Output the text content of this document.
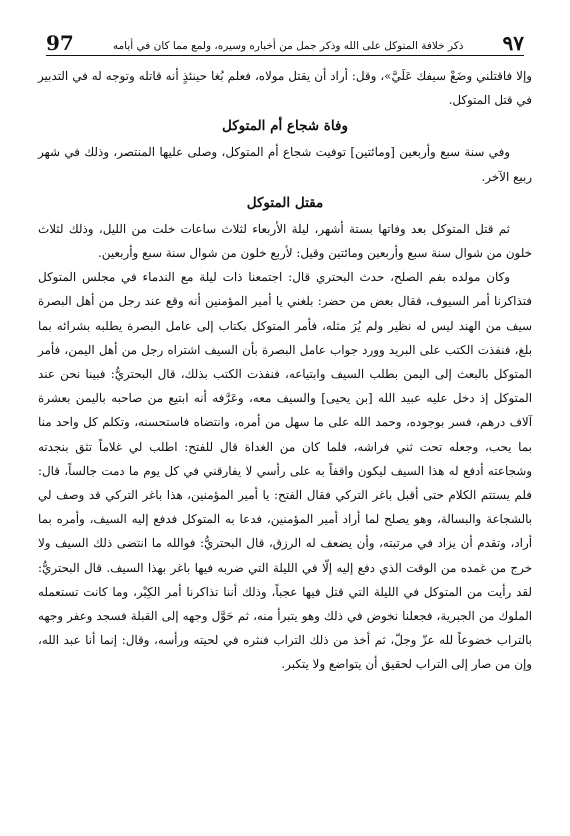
٩٧
ذكر خلافة المتوكل على الله وذكر جمل من أخباره وسيره، ولمع مما كان في أيامه
97

وإلا فاقتلني وضَعْ سيفك عَلَيَّ»، وقل: أراد أن يقتل مولاه، فعلم بُغا حينئذٍ أنه قاتله وتوجه له في التدبير في قتل المتوكل.

وفاة شجاع أم المتوكل

وفي سنة سبع وأربعين [ومائتين] توفيت شجاع أم المتوكل، وصلى عليها المنتصر، وذلك في شهر ربيع الآخر.

مقتل المتوكل

ثم قتل المتوكل بعد وفاتها بستة أشهر، ليلة الأربعاء لثلاث ساعات خلت من الليل، وذلك لثلاث خلون من شوال سنة سبع وأربعين ومائتين وقيل: لأربع خلون من شوال سنة سبع وأربعين.

وكان مولده بفم الصلح، حدث البحتري قال: اجتمعنا ذات ليلة مع الندماء في مجلس المتوكل فتذاكرنا أمر السيوف، فقال بعض من حضر: بلغني يا أمير المؤمنين أنه وقع عند رجل من أهل البصرة سيف من الهند ليس له نظير ولم يُرَ مثله، فأمر المتوكل بكتاب إلى عامل البصرة يطلبه بشرائه بما بلغ، فنفذت الكتب على البريد وورد جواب عامل البصرة بأن السيف اشتراه رجل من أهل اليمن، فأمر المتوكل بالبعث إلى اليمن بطلب السيف وابتياعه، فنفذت الكتب بذلك، قال البحتريُّ: فبينا نحن عند المتوكل إذ دخل عليه عبيد الله [بن يحيى] والسيف معه، وعَرَّفه أنه ابتيع من صاحبه باليمن بعشرة آلاف درهم، فسر بوجوده، وحمد الله على ما سهل من أمره، وانتضاه فاستحسنه، وتكلم كل واحد منا بما يحب، وجعله تحت ثني فراشه، فلما كان من الغداة قال للفتح: اطلب لي غلاماً تثق بنجدته وشجاعته أدفع له هذا السيف ليكون واقفاً به على رأسي لا يفارقني في كل يوم ما دمت جالساً، قال: فلم يستتم الكلام حتى أقبل باغر التركي فقال الفتح: يا أمير المؤمنين، هذا باغر التركي قد وصف لي بالشجاعة والبسالة، وهو يصلح لما أراد أمير المؤمنين، فدعا به المتوكل فدفع إليه السيف، وأمره بما أراد، وتقدم أن يزاد في مرتبته، وأن يضعف له الرزق، قال البحتريُّ: فوالله ما انتضى ذلك السيف ولا خرج من غمده من الوقت الذي دفع إليه إلّا في الليلة التي ضربه فيها باغر بهذا السيف. قال البحتريُّ: لقد رأيت من المتوكل في الليلة التي قتل فيها عجباً، وذلك أننا تذاكرنا أمر الكِبْر، وما كانت تستعمله الملوك من الجبرية، فجعلنا نخوض في ذلك وهو يتبرأ منه، ثم حَوَّل وجهه إلى القبلة فسجد وعفر وجهه بالتراب خضوعاً لله عزّ وجلّ، ثم أخذ من ذلك التراب فنثره في لحيته ورأسه، وقال: إنما أنا عبد الله، وإن من صار إلى التراب لحقيق أن يتواضع ولا يتكبر.
